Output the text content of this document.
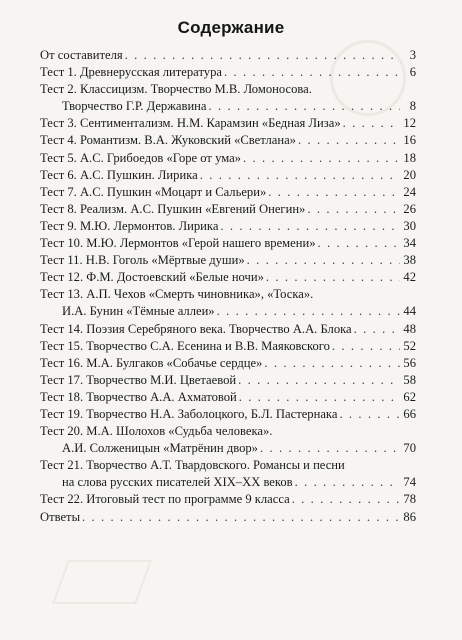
Содержание
От составителя . . .	3
Тест 1. Древнерусская литература . . .	6
Тест 2. Классицизм. Творчество М.В. Ломоносова.
Творчество Г.Р. Державина . . .	8
Тест 3. Сентиментализм. Н.М. Карамзин «Бедная Лиза» . . .	12
Тест 4. Романтизм. В.А. Жуковский «Светлана» . . .	16
Тест 5. А.С. Грибоедов «Горе от ума» . . .	18
Тест 6. А.С. Пушкин. Лирика . . .	20
Тест 7. А.С. Пушкин «Моцарт и Сальери» . . .	24
Тест 8. Реализм. А.С. Пушкин «Евгений Онегин» . . .	26
Тест 9. М.Ю. Лермонтов. Лирика . . .	30
Тест 10. М.Ю. Лермонтов «Герой нашего времени» . . .	34
Тест 11. Н.В. Гоголь «Мёртвые души» . . .	38
Тест 12. Ф.М. Достоевский «Белые ночи» . . .	42
Тест 13. А.П. Чехов «Смерть чиновника», «Тоска».
И.А. Бунин «Тёмные аллеи» . . .	44
Тест 14. Поэзия Серебряного века. Творчество А.А. Блока . . .	48
Тест 15. Творчество С.А. Есенина и В.В. Маяковского . . .	52
Тест 16. М.А. Булгаков «Собачье сердце» . . .	56
Тест 17. Творчество М.И. Цветаевой . . .	58
Тест 18. Творчество А.А. Ахматовой . . .	62
Тест 19. Творчество Н.А. Заболоцкого, Б.Л. Пастернака . . .	66
Тест 20. М.А. Шолохов «Судьба человека».
А.И. Солженицын «Матрёнин двор» . . .	70
Тест 21. Творчество А.Т. Твардовского. Романсы и песни
на слова русских писателей XIX–XX веков . . .	74
Тест 22. Итоговый тест по программе 9 класса . . .	78
Ответы . . .	86
